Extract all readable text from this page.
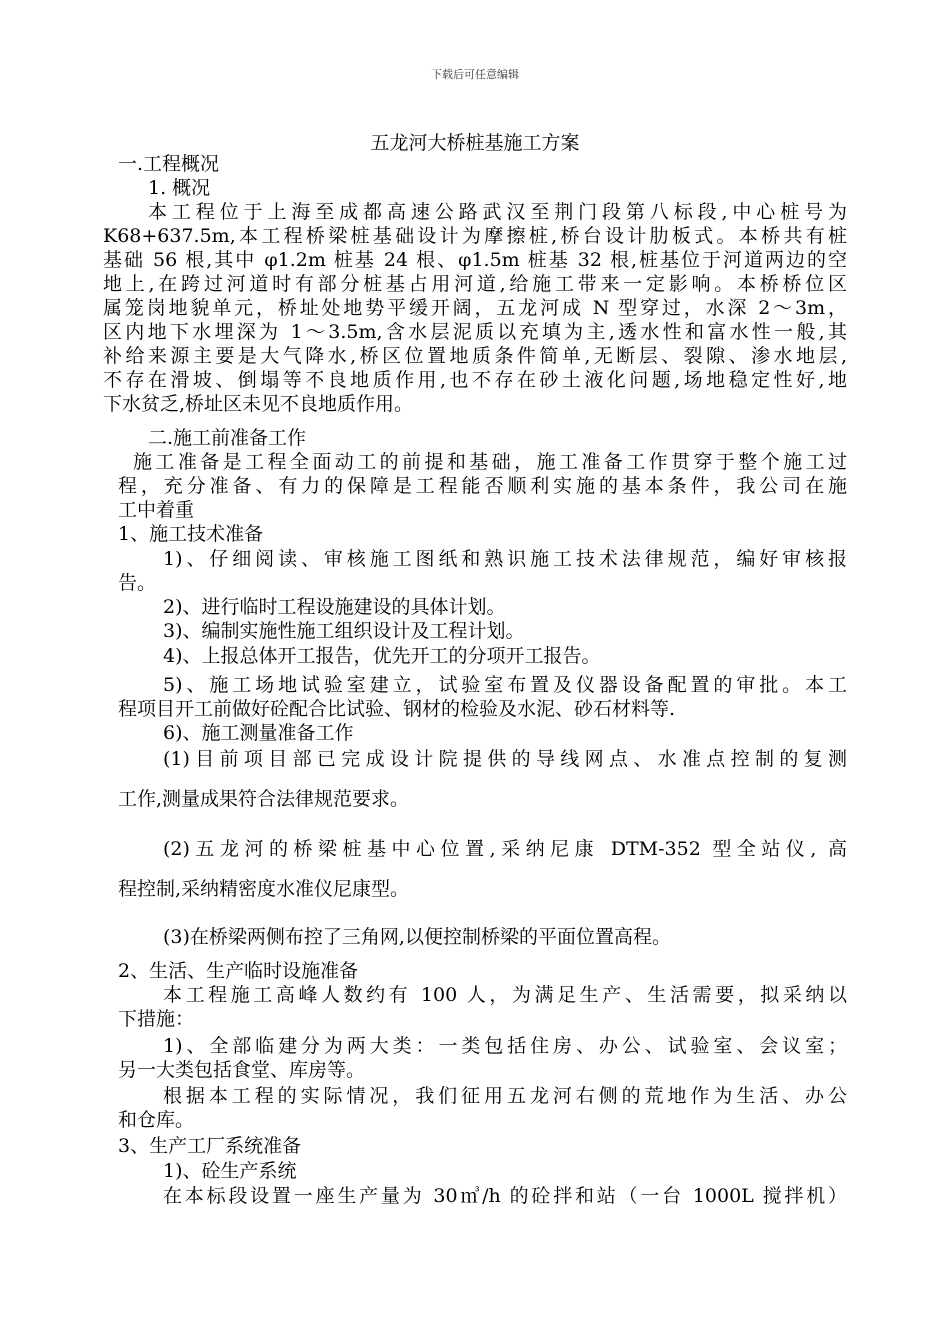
下载后可任意编辑
五龙河大桥桩基施工方案
一.工程概况
1. 概况
本工程位于上海至成都高速公路武汉至荆门段第八标段,中心桩号为
K68+637.5m,本工程桥梁桩基础设计为摩擦桩,桥台设计肋板式。本桥共有桩
基础 56 根,其中 φ1.2m 桩基 24 根、φ1.5m 桩基 32 根,桩基位于河道两边的空
地上,在跨过河道时有部分桩基占用河道,给施工带来一定影响。本桥桥位区
属笼岗地貌单元，桥址处地势平缓开阔，五龙河成 N 型穿过，水深 2～3m，
区内地下水埋深为 1～3.5m,含水层泥质以充填为主,透水性和富水性一般,其
补给来源主要是大气降水,桥区位置地质条件简单,无断层、裂隙、渗水地层,
不存在滑坡、倒塌等不良地质作用,也不存在砂土液化问题,场地稳定性好,地
下水贫乏,桥址区未见不良地质作用。
二.施工前准备工作
施工准备是工程全面动工的前提和基础，施工准备工作贯穿于整个施工过
程，充分准备、有力的保障是工程能否顺利实施的基本条件，我公司在施
工中着重
1、施工技术准备
1)、仔细阅读、审核施工图纸和熟识施工技术法律规范，编好审核报
告。
2)、进行临时工程设施建设的具体计划。
3)、编制实施性施工组织设计及工程计划。
4)、上报总体开工报告，优先开工的分项开工报告。
5)、施工场地试验室建立，试验室布置及仪器设备配置的审批。本工
程项目开工前做好砼配合比试验、钢材的检验及水泥、砂石材料等.
6)、施工测量准备工作
(1)目前项目部已完成设计院提供的导线网点、水准点控制的复测
工作,测量成果符合法律规范要求。
(2)五龙河的桥梁桩基中心位置,采纳尼康 DTM-352 型全站仪, 高
程控制,采纳精密度水准仪尼康型。
(3)在桥梁两侧布控了三角网,以便控制桥梁的平面位置高程。
2、生活、生产临时设施准备
本工程施工高峰人数约有 100 人，为满足生产、生活需要，拟采纳以
下措施：
1)、全部临建分为两大类：一类包括住房、办公、试验室、会议室；
另一大类包括食堂、库房等。
根据本工程的实际情况，我们征用五龙河右侧的荒地作为生活、办公
和仓库。
3、生产工厂系统准备
1)、砼生产系统
在本标段设置一座生产量为 30㎥/h 的砼拌和站（一台 1000L 搅拌机）
